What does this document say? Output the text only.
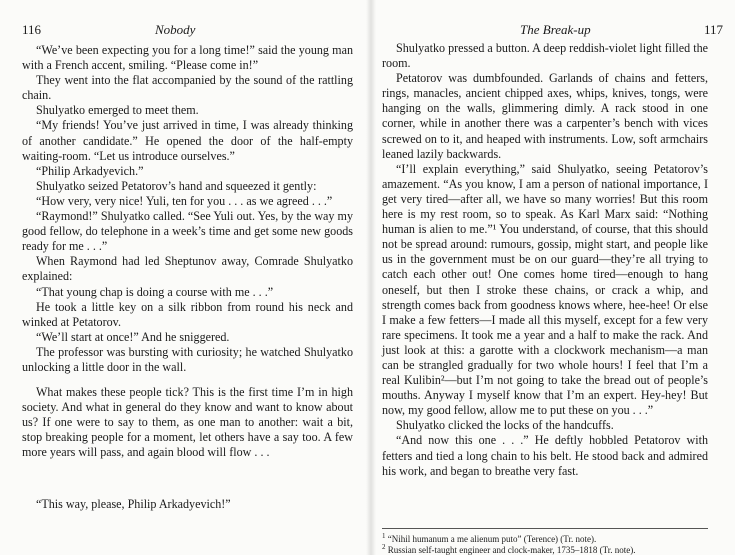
116	Nobody

“We’ve been expecting you for a long time!” said the young man with a French accent, smiling. “Please come in!”

They went into the flat accompanied by the sound of the rattling chain.

Shulyatko emerged to meet them.

“My friends! You’ve just arrived in time, I was already thinking of another candidate.” He opened the door of the half-empty waiting-room. “Let us introduce ourselves.”

“Philip Arkadyevich.”

Shulyatko seized Petatorov’s hand and squeezed it gently:

“How very, very nice! Yuli, ten for you . . . as we agreed . . .”

“Raymond!” Shulyatko called. “See Yuli out. Yes, by the way my good fellow, do telephone in a week’s time and get some new goods ready for me . . .”

When Raymond had led Sheptunov away, Comrade Shulyatko explained:

“That young chap is doing a course with me . . .”

He took a little key on a silk ribbon from round his neck and winked at Petatorov.

“We’ll start at once!” And he sniggered.

The professor was bursting with curiosity; he watched Shulyatko unlocking a little door in the wall.

What makes these people tick? This is the first time I’m in high society. And what in general do they know and want to know about us? If one were to say to them, as one man to another: wait a bit, stop breaking people for a moment, let others have a say too. A few more years will pass, and again blood will flow . . .

“This way, please, Philip Arkadyevich!”

The Break-up	117

Shulyatko pressed a button. A deep reddish-violet light filled the room.

Petatorov was dumbfounded. Garlands of chains and fetters, rings, manacles, ancient chipped axes, whips, knives, tongs, were hanging on the walls, glimmering dimly. A rack stood in one corner, while in another there was a carpenter’s bench with vices screwed on to it, and heaped with instruments. Low, soft armchairs leaned lazily backwards.

“I’ll explain everything,” said Shulyatko, seeing Petatorov’s amazement. “As you know, I am a person of national importance, I get very tired—after all, we have so many worries! But this room here is my rest room, so to speak. As Karl Marx said: “Nothing human is alien to me.”¹ You understand, of course, that this should not be spread around: rumours, gossip, might start, and people like us in the government must be on our guard—they’re all trying to catch each other out! One comes home tired—enough to hang oneself, but then I stroke these chains, or crack a whip, and strength comes back from goodness knows where, hee-hee! Or else I make a few fetters—I made all this myself, except for a few very rare specimens. It took me a year and a half to make the rack. And just look at this: a garotte with a clockwork mechanism—a man can be strangled gradually for two whole hours! I feel that I’m a real Kulibin²—but I’m not going to take the bread out of people’s mouths. Anyway I myself know that I’m an expert. Hey-hey! But now, my good fellow, allow me to put these on you . . .”

Shulyatko clicked the locks of the handcuffs.

“And now this one . . .” He deftly hobbled Petatorov with fetters and tied a long chain to his belt. He stood back and admired his work, and began to breathe very fast.

$^1$ “Nihil humanum a me alienum puto” (Terence) (Tr. note).

$^2$ Russian self-taught engineer and clock-maker, 1735–1818 (Tr. note).
